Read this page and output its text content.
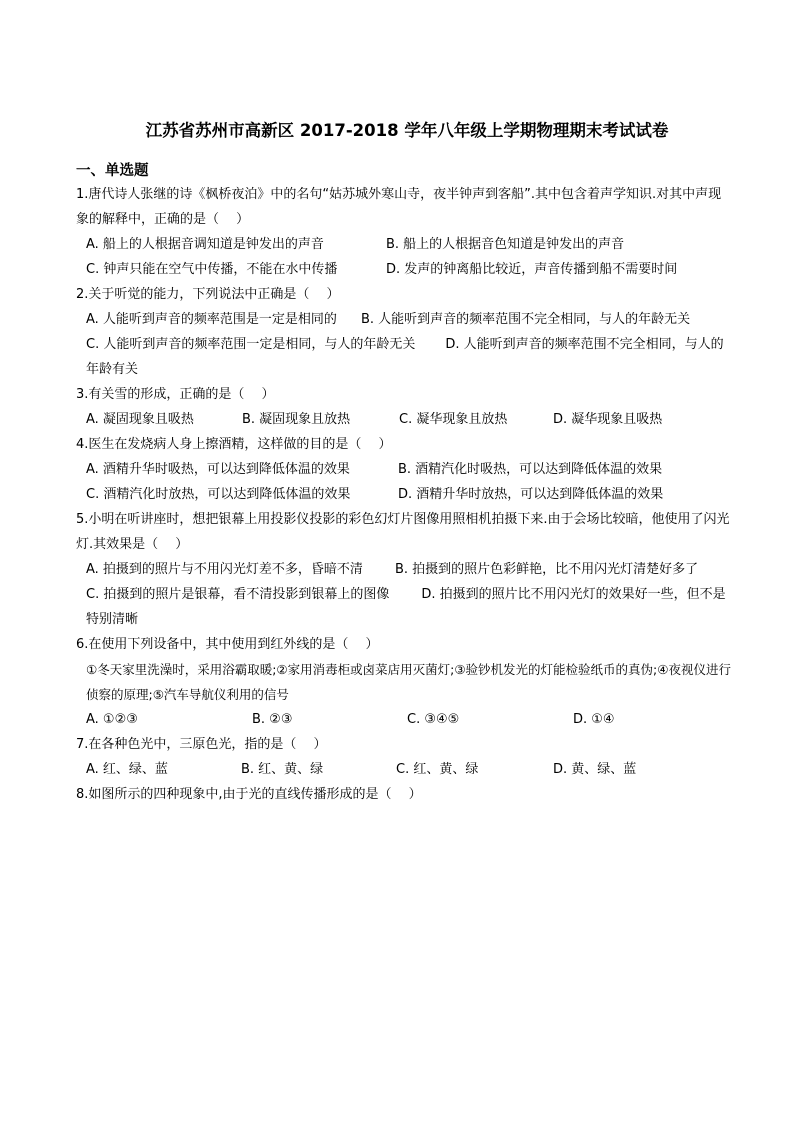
江苏省苏州市高新区 2017-2018 学年八年级上学期物理期末考试试卷
一、单选题
1.唐代诗人张继的诗《枫桥夜泊》中的名句“姑苏城外寒山寺，夜半钟声到客船”.其中包含着声学知识.对其中声现象的解释中，正确的是（　 ）
A. 船上的人根据音调知道是钟发出的声音	B. 船上的人根据音色知道是钟发出的声音
C. 钟声只能在空气中传播，不能在水中传播	D. 发声的钟离船比较近，声音传播到船不需要时间
2.关于听觉的能力，下列说法中正确是（　 ）
A. 人能听到声音的频率范围是一定是相同的 B. 人能听到声音的频率范围不完全相同，与人的年龄无关
C. 人能听到声音的频率范围一定是相同，与人的年龄无关 D. 人能听到声音的频率范围不完全相同，与人的年龄有关
3.有关雪的形成，正确的是（　 ）
A. 凝固现象且吸热	B. 凝固现象且放热	C. 凝华现象且放热	D. 凝华现象且吸热
4.医生在发烧病人身上擦酒精，这样做的目的是（　 ）
A. 酒精升华时吸热，可以达到降低体温的效果	B. 酒精汽化时吸热，可以达到降低体温的效果
C. 酒精汽化时放热，可以达到降低体温的效果	D. 酒精升华时放热，可以达到降低体温的效果
5.小明在听讲座时，想把银幕上用投影仪投影的彩色幻灯片图像用照相机拍摄下来.由于会场比较暗，他使用了闪光灯.其效果是（　 ）
A. 拍摄到的照片与不用闪光灯差不多，昏暗不清 B. 拍摄到的照片色彩鲜艳，比不用闪光灯清楚好多了
C. 拍摄到的照片是银幕，看不清投影到银幕上的图像 D. 拍摄到的照片比不用闪光灯的效果好一些，但不是特别清晰
6.在使用下列设备中，其中使用到红外线的是（　 ）
①冬天家里洗澡时，采用浴霸取暖;②家用消毒柜或卤菜店用灭菌灯;③验钞机发光的灯能检验纸币的真伪;④夜视仪进行侦察的原理;⑤汽车导航仪利用的信号
A. ①②③	B. ②③	C. ③④⑤	D. ①④
7.在各种色光中，三原色光，指的是（　 ）
A. 红、绿、蓝	B. 红、黄、绿	C. 红、黄、绿	D. 黄、绿、蓝
8.如图所示的四种现象中,由于光的直线传播形成的是（　 ）
